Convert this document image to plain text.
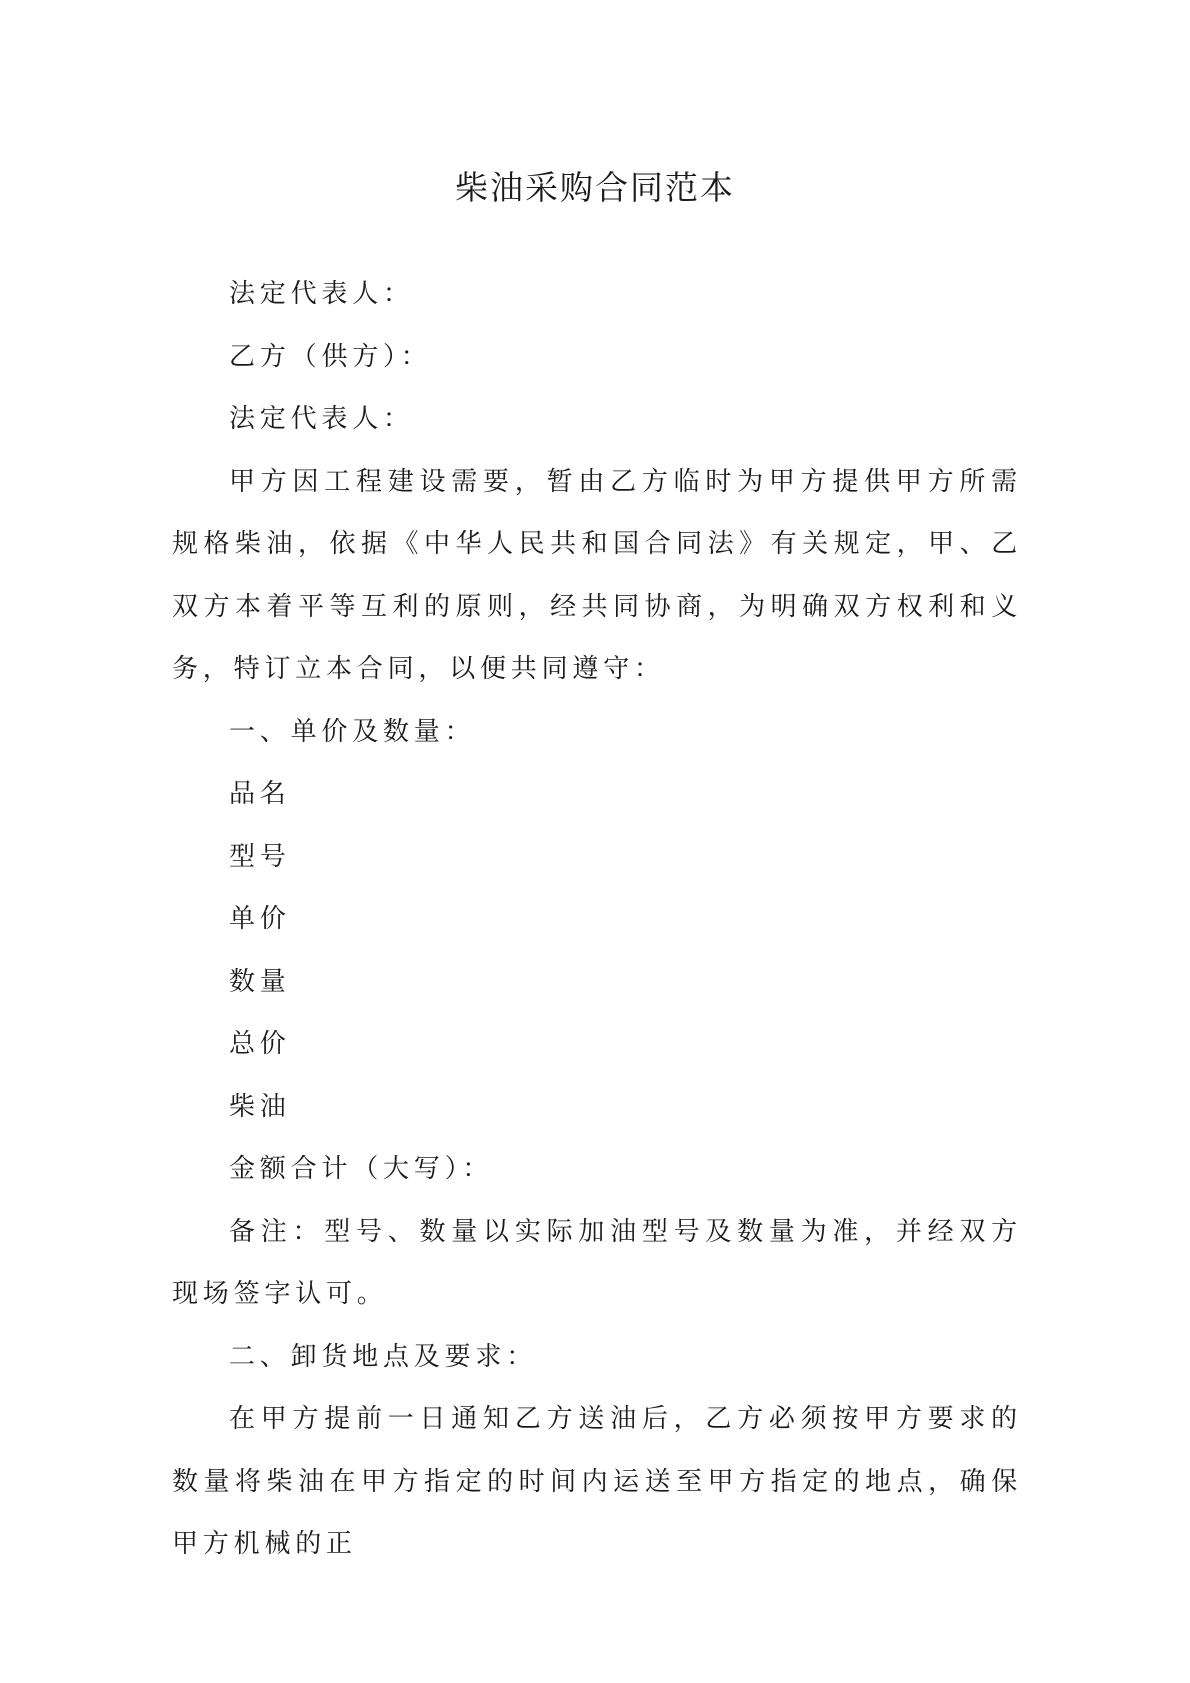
柴油采购合同范本

法定代表人：

乙方（供方）：

法定代表人：

甲方因工程建设需要，暂由乙方临时为甲方提供甲方所需规格柴油，依据《中华人民共和国合同法》有关规定，甲、乙双方本着平等互利的原则，经共同协商，为明确双方权利和义务，特订立本合同，以便共同遵守：

一、单价及数量：

品名

型号

单价

数量

总价

柴油

金额合计（大写）：

备注：型号、数量以实际加油型号及数量为准，并经双方现场签字认可。

二、卸货地点及要求：

在甲方提前一日通知乙方送油后，乙方必须按甲方要求的数量将柴油在甲方指定的时间内运送至甲方指定的地点，确保甲方机械的正
